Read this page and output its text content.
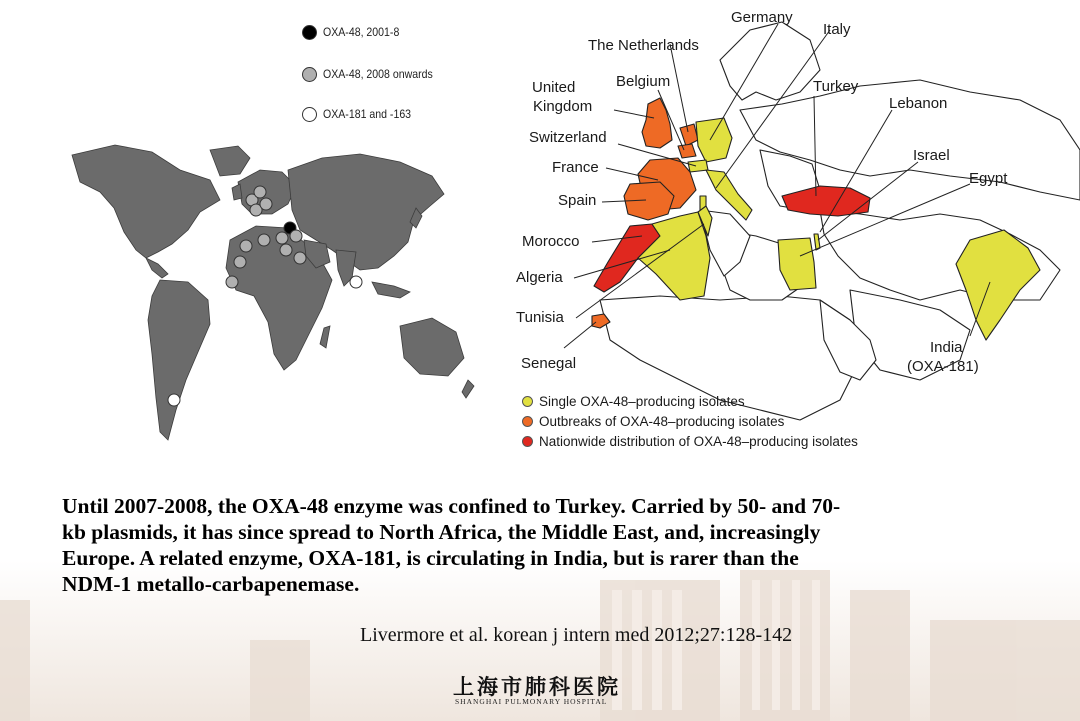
OXA-48, 2001-8
OXA-48, 2008 onwards
OXA-181 and -163
Germany
Italy
The Netherlands
United
Kingdom
Belgium	Turkey
Lebanon
Switzerland
Israel
France
Egypt
Spain
Morocco
Algeria
Tunisia
Senegal
India
(OXA-181)
Single OXA-48–producing isolates
Outbreaks of OXA-48–producing isolates
Nationwide distribution of OXA-48–producing isolates
Until 2007-2008, the OXA-48 enzyme was confined to Turkey. Carried by 50- and 70-
kb plasmids, it has since spread to North Africa, the Middle East, and, increasingly
Europe. A related enzyme, OXA-181, is circulating in India, but is rarer than the
NDM-1 metallo-carbapenemase.
Livermore et al. korean j intern med 2012;27:128-142
上海市肺科医院
SHANGHAI PULMONARY HOSPITAL
